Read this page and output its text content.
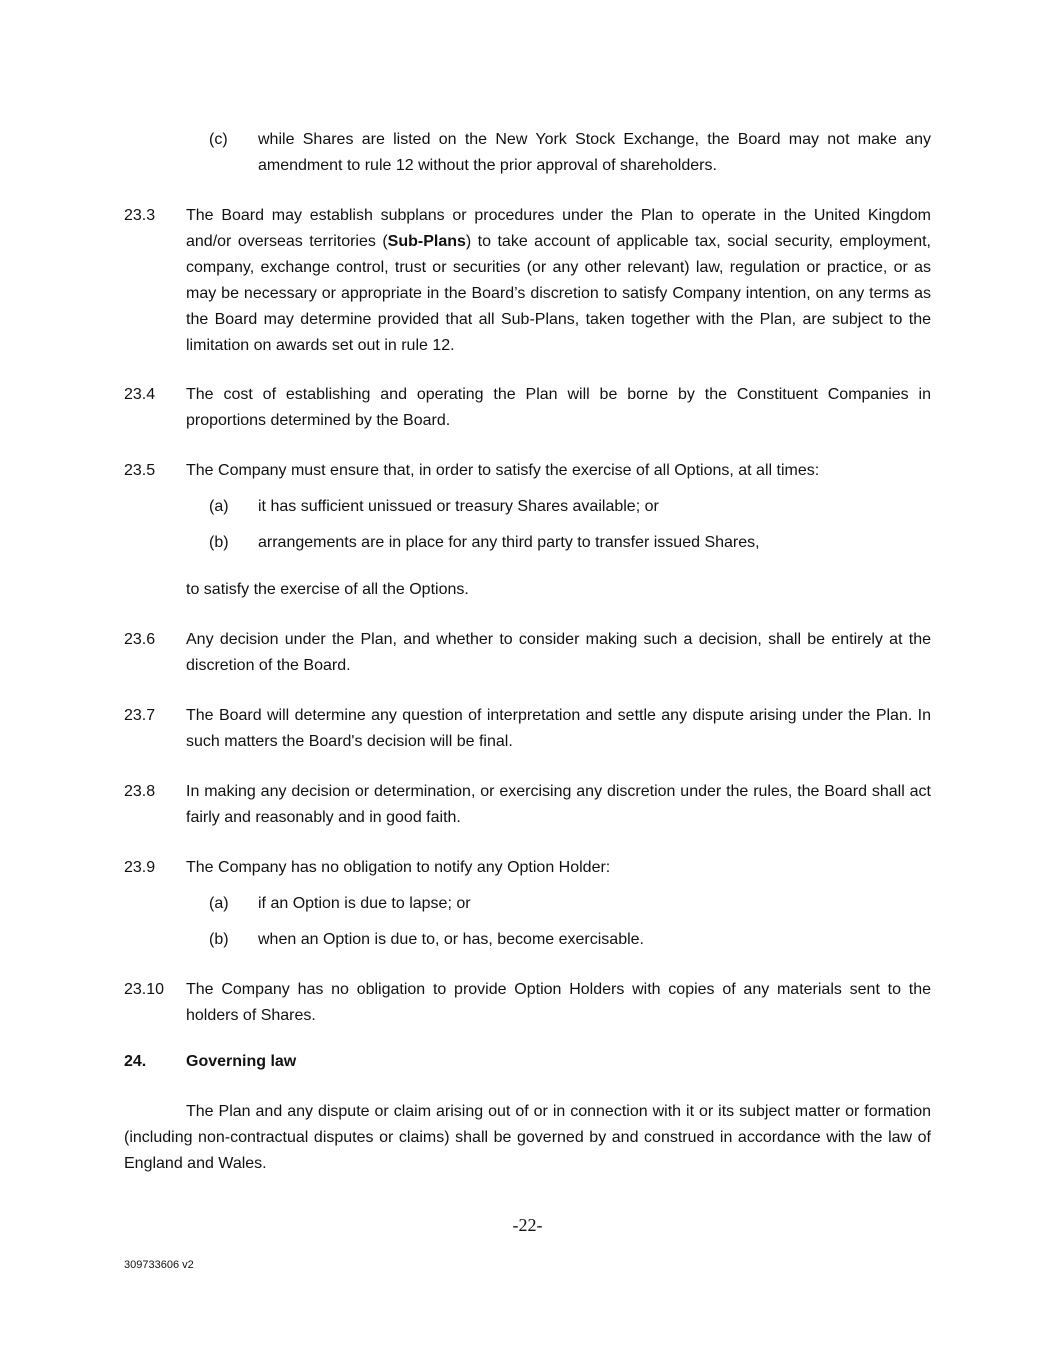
(c) while Shares are listed on the New York Stock Exchange, the Board may not make any amendment to rule 12 without the prior approval of shareholders.
23.3 The Board may establish subplans or procedures under the Plan to operate in the United Kingdom and/or overseas territories (Sub-Plans) to take account of applicable tax, social security, employment, company, exchange control, trust or securities (or any other relevant) law, regulation or practice, or as may be necessary or appropriate in the Board’s discretion to satisfy Company intention, on any terms as the Board may determine provided that all Sub-Plans, taken together with the Plan, are subject to the limitation on awards set out in rule 12.
23.4 The cost of establishing and operating the Plan will be borne by the Constituent Companies in proportions determined by the Board.
23.5 The Company must ensure that, in order to satisfy the exercise of all Options, at all times:
(a) it has sufficient unissued or treasury Shares available; or
(b) arrangements are in place for any third party to transfer issued Shares,
to satisfy the exercise of all the Options.
23.6 Any decision under the Plan, and whether to consider making such a decision, shall be entirely at the discretion of the Board.
23.7 The Board will determine any question of interpretation and settle any dispute arising under the Plan. In such matters the Board's decision will be final.
23.8 In making any decision or determination, or exercising any discretion under the rules, the Board shall act fairly and reasonably and in good faith.
23.9 The Company has no obligation to notify any Option Holder:
(a) if an Option is due to lapse; or
(b) when an Option is due to, or has, become exercisable.
23.10 The Company has no obligation to provide Option Holders with copies of any materials sent to the holders of Shares.
24. Governing law
The Plan and any dispute or claim arising out of or in connection with it or its subject matter or formation (including non-contractual disputes or claims) shall be governed by and construed in accordance with the law of England and Wales.
-22-
309733606 v2
